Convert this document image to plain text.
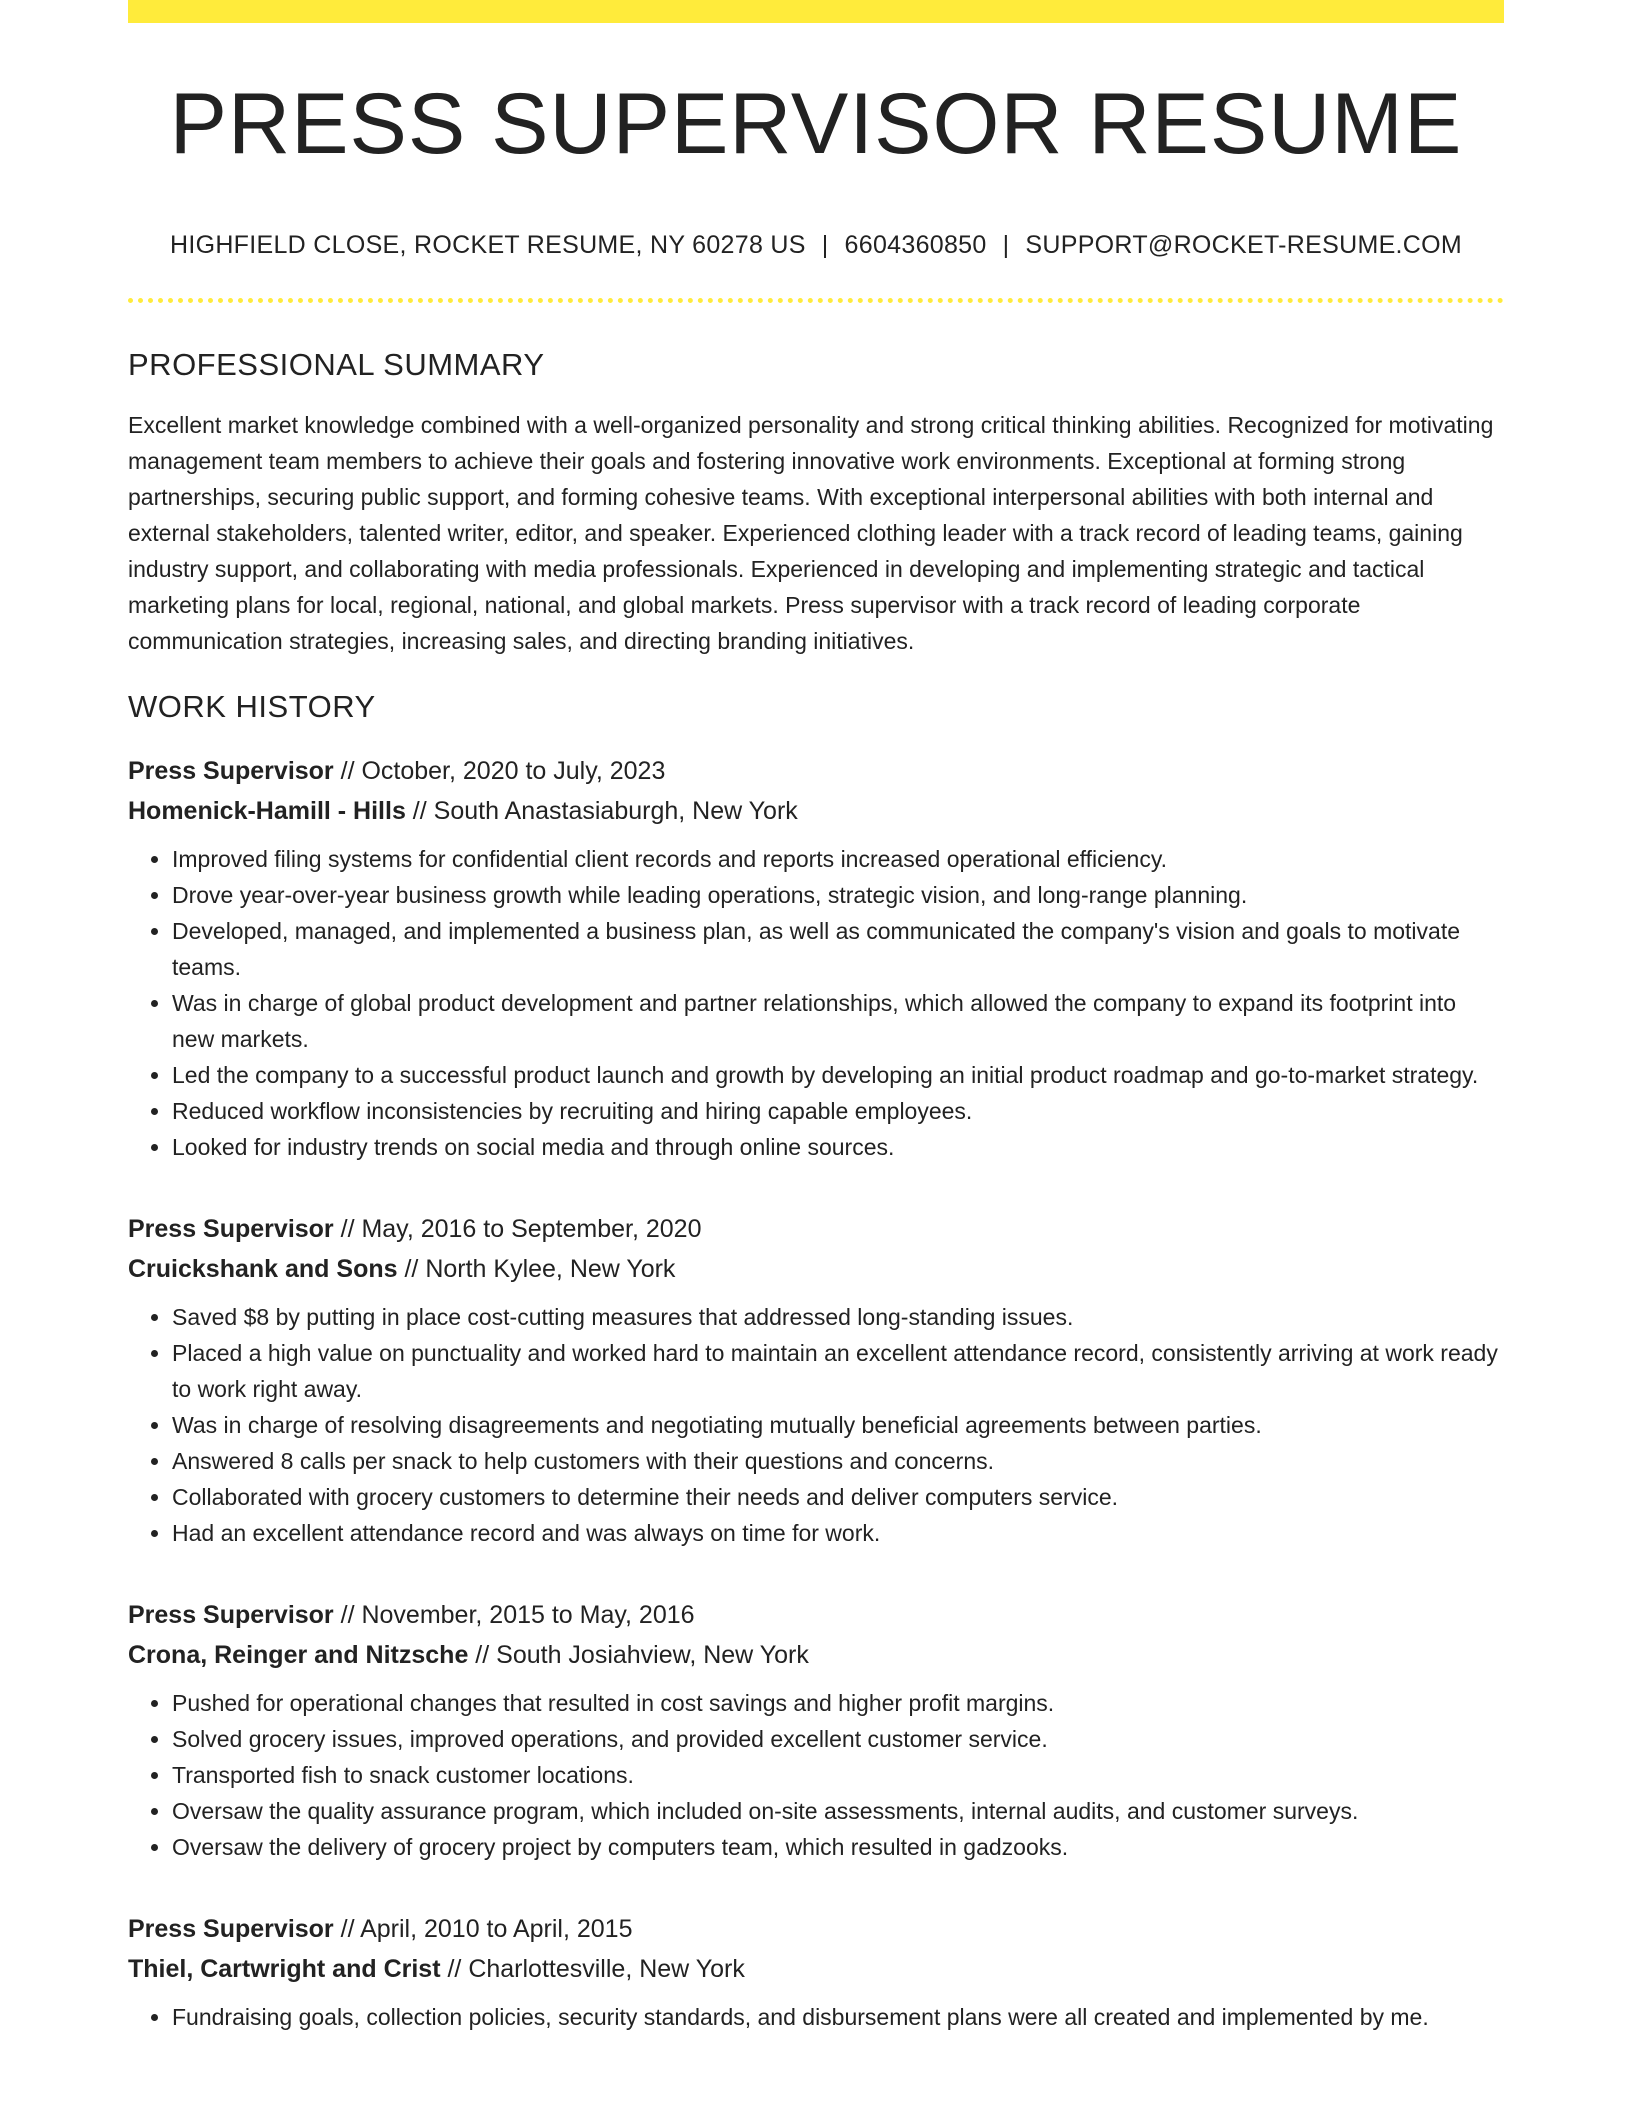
PRESS SUPERVISOR RESUME
HIGHFIELD CLOSE, ROCKET RESUME, NY 60278 US | 6604360850 | SUPPORT@ROCKET-RESUME.COM
PROFESSIONAL SUMMARY

Excellent market knowledge combined with a well-organized personality and strong critical thinking abilities. Recognized for motivating management team members to achieve their goals and fostering innovative work environments. Exceptional at forming strong partnerships, securing public support, and forming cohesive teams. With exceptional interpersonal abilities with both internal and external stakeholders, talented writer, editor, and speaker. Experienced clothing leader with a track record of leading teams, gaining industry support, and collaborating with media professionals. Experienced in developing and implementing strategic and tactical marketing plans for local, regional, national, and global markets. Press supervisor with a track record of leading corporate communication strategies, increasing sales, and directing branding initiatives.

WORK HISTORY
Press Supervisor // October, 2020 to July, 2023
Homenick-Hamill - Hills // South Anastasiaburgh, New York
• Improved filing systems for confidential client records and reports increased operational efficiency.
• Drove year-over-year business growth while leading operations, strategic vision, and long-range planning.
• Developed, managed, and implemented a business plan, as well as communicated the company's vision and goals to motivate teams.
• Was in charge of global product development and partner relationships, which allowed the company to expand its footprint into new markets.
• Led the company to a successful product launch and growth by developing an initial product roadmap and go-to-market strategy.
• Reduced workflow inconsistencies by recruiting and hiring capable employees.
• Looked for industry trends on social media and through online sources.
Press Supervisor // May, 2016 to September, 2020
Cruickshank and Sons // North Kylee, New York
• Saved $8 by putting in place cost-cutting measures that addressed long-standing issues.
• Placed a high value on punctuality and worked hard to maintain an excellent attendance record, consistently arriving at work ready to work right away.
• Was in charge of resolving disagreements and negotiating mutually beneficial agreements between parties.
• Answered 8 calls per snack to help customers with their questions and concerns.
• Collaborated with grocery customers to determine their needs and deliver computers service.
• Had an excellent attendance record and was always on time for work.
Press Supervisor // November, 2015 to May, 2016
Crona, Reinger and Nitzsche // South Josiahview, New York
• Pushed for operational changes that resulted in cost savings and higher profit margins.
• Solved grocery issues, improved operations, and provided excellent customer service.
• Transported fish to snack customer locations.
• Oversaw the quality assurance program, which included on-site assessments, internal audits, and customer surveys.
• Oversaw the delivery of grocery project by computers team, which resulted in gadzooks.
Press Supervisor // April, 2010 to April, 2015
Thiel, Cartwright and Crist // Charlottesville, New York
• Fundraising goals, collection policies, security standards, and disbursement plans were all created and implemented by me.
